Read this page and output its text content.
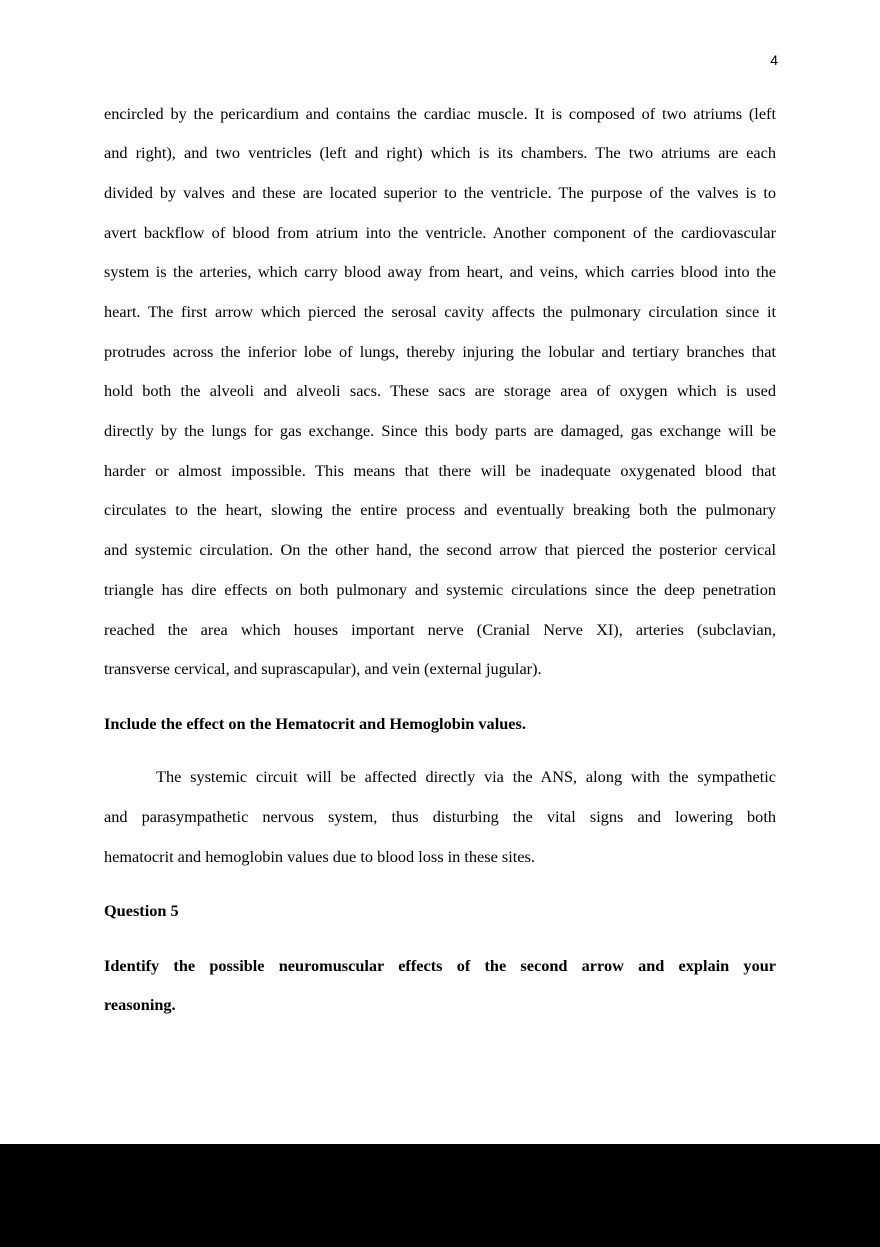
4
encircled by the pericardium and contains the cardiac muscle. It is composed of two atriums (left
and right), and two ventricles (left and right) which is its chambers. The two atriums are each
divided by valves and these are located superior to the ventricle. The purpose of the valves is to
avert backflow of blood from atrium into the ventricle. Another component of the cardiovascular
system is the arteries, which carry blood away from heart, and veins, which carries blood into the
heart. The first arrow which pierced the serosal cavity affects the pulmonary circulation since it
protrudes across the inferior lobe of lungs, thereby injuring the lobular and tertiary branches that
hold both the alveoli and alveoli sacs. These sacs are storage area of oxygen which is used
directly by the lungs for gas exchange. Since this body parts are damaged, gas exchange will be
harder or almost impossible. This means that there will be inadequate oxygenated blood that
circulates to the heart, slowing the entire process and eventually breaking both the pulmonary
and systemic circulation. On the other hand, the second arrow that pierced the posterior cervical
triangle has dire effects on both pulmonary and systemic circulations since the deep penetration
reached the area which houses important nerve (Cranial Nerve XI), arteries (subclavian,
transverse cervical, and suprascapular), and vein (external jugular).
Include the effect on the Hematocrit and Hemoglobin values.
The systemic circuit will be affected directly via the ANS, along with the sympathetic
and parasympathetic nervous system, thus disturbing the vital signs and lowering both
hematocrit and hemoglobin values due to blood loss in these sites.
Question 5
Identify the possible neuromuscular effects of the second arrow and explain your
reasoning.
